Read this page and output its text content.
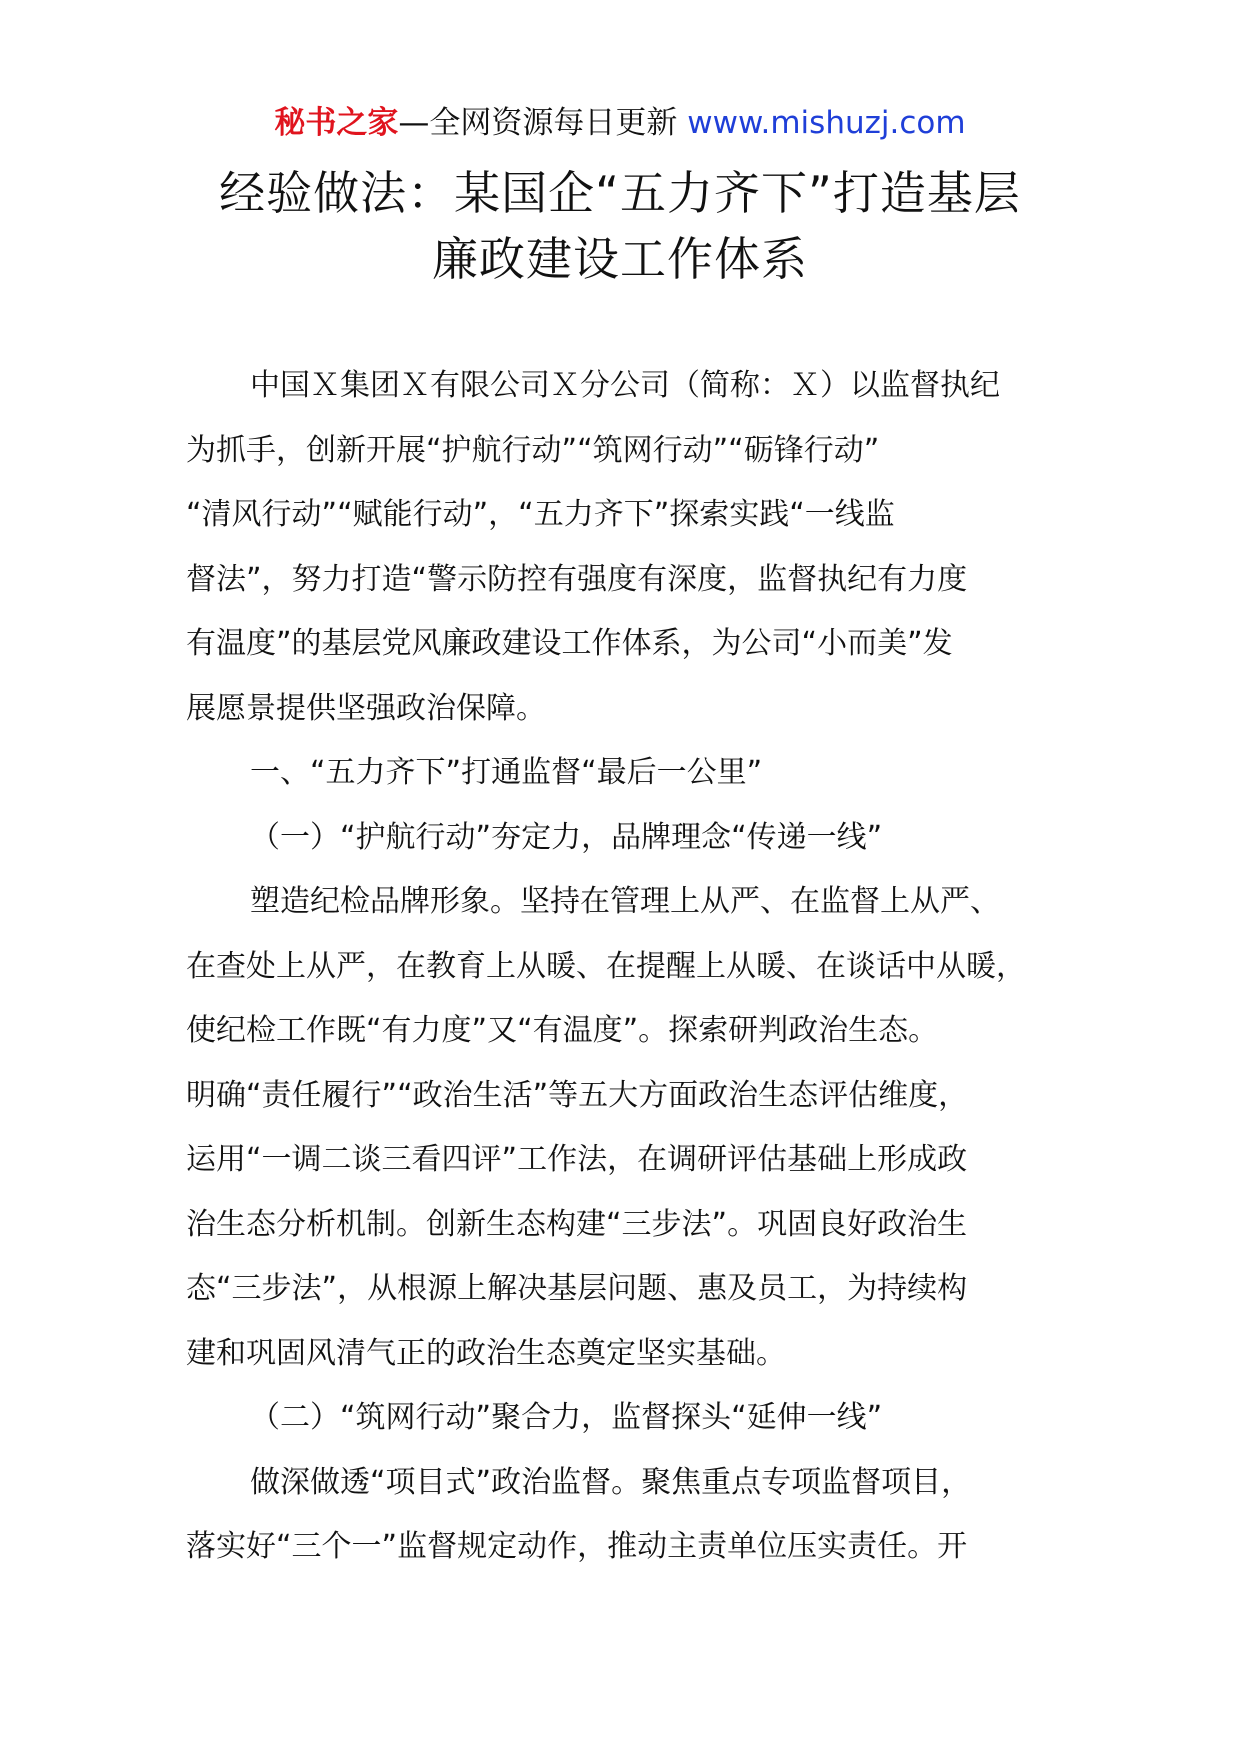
秘书之家—全网资源每日更新 www.mishuzj.com
经验做法：某国企“五力齐下”打造基层
廉政建设工作体系
中国Ｘ集团Ｘ有限公司Ｘ分公司（简称：Ｘ）以监督执纪
为抓手，创新开展“护航行动”“筑网行动”“砺锋行动”
“清风行动”“赋能行动”，“五力齐下”探索实践“一线监
督法”，努力打造“警示防控有强度有深度，监督执纪有力度
有温度”的基层党风廉政建设工作体系，为公司“小而美”发
展愿景提供坚强政治保障。
一、“五力齐下”打通监督“最后一公里”
（一）“护航行动”夯定力，品牌理念“传递一线”
塑造纪检品牌形象。坚持在管理上从严、在监督上从严、
在查处上从严，在教育上从暖、在提醒上从暖、在谈话中从暖，
使纪检工作既“有力度”又“有温度”。探索研判政治生态。
明确“责任履行”“政治生活”等五大方面政治生态评估维度，
运用“一调二谈三看四评”工作法，在调研评估基础上形成政
治生态分析机制。创新生态构建“三步法”。巩固良好政治生
态“三步法”，从根源上解决基层问题、惠及员工，为持续构
建和巩固风清气正的政治生态奠定坚实基础。
（二）“筑网行动”聚合力，监督探头“延伸一线”
做深做透“项目式”政治监督。聚焦重点专项监督项目，
落实好“三个一”监督规定动作，推动主责单位压实责任。开
